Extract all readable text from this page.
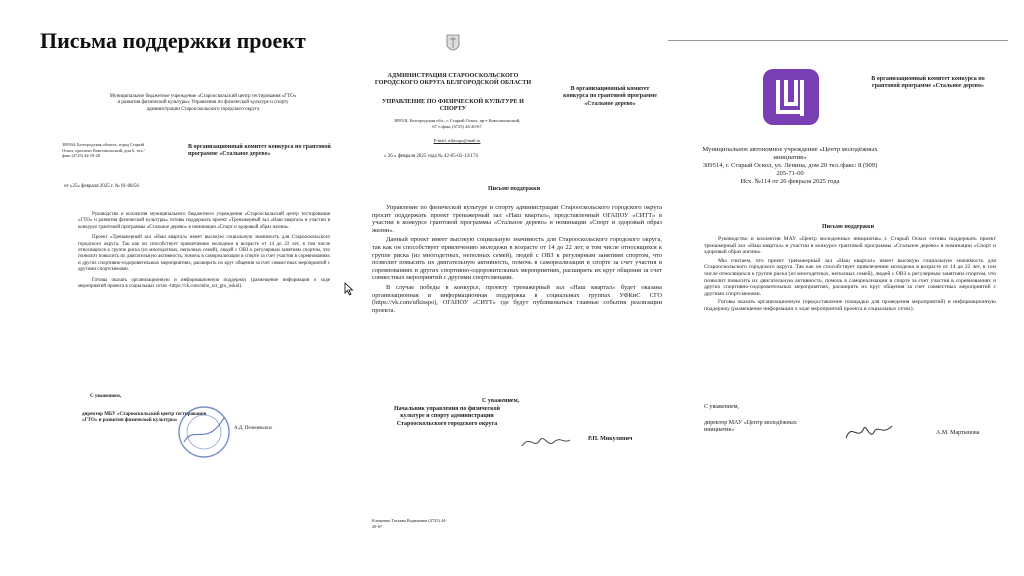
Письма поддержки проект

Муниципальное бюджетное учреждение «Старооскольский центр тестирования «ГТО» и развития физической культуры» Управления по физической культуре и спорту администрации Старооскольского городского округа

309504, Белгородская область, город Старый Оскол, проспект Комсомольский, дом 6, тел./факс (4725) 44-18-28

В организационный комитет конкурса по грантовой программе «Стальное дерево»

от «25» февраля 2025 г. № 01-08/56

Руководство и коллектив муниципального бюджетного учреждения «Старооскольский центр тестирования «ГТО» и развития физической культуры» готовы поддержать проект «Тренажерный зал «Наш квартал» в участии в конкурсе грантовой программы «Стальное дерево» в номинации «Спорт и здоровый образ жизни».

Проект «Тренажерный зал «Наш квартал» имеет высокую социальную значимость для Старооскольского городского округа. Так как он способствует привлечению молодежи в возрасте от 14 до 22 лет, в том числе относящихся к группе риска (из многодетных, неполных семей), людей с ОВЗ к регулярным занятиям спортом, что позволит повысить их двигательную активность, помочь в самореализации в спорте за счет участия в соревнованиях и других спортивно-оздоровительных мероприятиях, расширить их круг общения за счет совместных мероприятий с другими спортсменами.

Готовы оказать организационную и информационную поддержку (размещение информации о ходе мероприятий проекта в социальных сетях -https://vk.com/mbu_sct_gto_oskol).

С уважением,

директор МБУ «Старооскольский центр тестирования «ГТО» и развития физической культуры»

А.Д. Печеневских

АДМИНИСТРАЦИЯ СТАРООСКОЛЬСКОГО ГОРОДСКОГО ОКРУГА БЕЛГОРОДСКОЙ ОБЛАСТИ

УПРАВЛЕНИЕ ПО ФИЗИЧЕСКОЙ КУЛЬТУРЕ И СПОРТУ

309518, Белгородская обл., г. Старый Оскол, пр-т Комсомольский, 67 т./факс (4725) 44-20-67

E-mail: ufkisspo@mail.ru

В организационный комитет конкурса по грантовой программе «Стальное дерево»

« 26 » февраля 2025 года № 42-05-05-13/174

Письмо поддержки

Управление по физической культуре и спорту администрации Старооскольского городского округа просит поддержать проект тренажерный зал «Наш квартал», представленный ОГАПОУ «СИТТ» в участии в конкурсе грантовой программы «Стальное дерево» в номинации «Спорт и здоровый образ жизни».

Данный проект имеет высокую социальную значимость для Старооскольского городского округа, так как он способствует привлечению молодежи в возрасте от 14 до 22 лет, в том числе относящихся к группе риска (из многодетных, неполных семей), людей с ОВЗ к регулярным занятиям спортом, что позволит повысить их двигательную активность, помочь в самореализации в спорте за счет участия в соревнованиях и других спортивно-оздоровительных мероприятиях, расширить их круг общения за счет совместных мероприятий с другими спортсменами.

В случае победы в конкурсе, проекту тренажерный зал «Наш квартал» будет оказана организационная и информационная поддержка в социальных группах УФКиС СГО (https://vk.com/ufkisspo), ОГАПОУ «СИТТ» где будут публиковаться главные события реализации проекта.

С уважением,

Начальник управления по физической культуре и спорту администрации Старооскольского городского округа

Р.П. Микулянич

Клещенко Татьяна Вадимовна (4725) 44-20-67

В организационный комитет конкурса по грантовой программе «Стальное дерево»

Муниципальное автономное учреждение «Центр молодёжных инициатив»

309514, г. Старый Оскол, ул. Ленина, дом 20 тел./факс: 8 (909) 205-71-60

Исх. №114 от 26 февраля 2025 года

Письмо поддержки

Руководство и коллектив МАУ «Центр молодежных инициатив» г. Старый Оскол готовы поддержать проект тренажерный зал «Наш квартал» в участии в конкурсе грантовой программы «Стальное дерево» в номинации «Спорт и здоровый образ жизни».

Мы считаем, что проект тренажерный зал «Наш квартал» имеет высокую социальную значимость для Старооскольского городского округа. Так как он способствует привлечению молодежи в возрасте от 14 до 22 лет, в том числе относящихся к группе риска (из многодетных, неполных семей), людей с ОВЗ к регулярным занятиям спортом, что позволит повысить их двигательную активность, помочь в самореализации в спорте за счет участия в соревнованиях и других спортивно-оздоровительных мероприятиях, расширить их круг общения за счет совместных мероприятий с другими спортсменами.

Готовы оказать организационную (предоставление площадки для проведения мероприятий) и информационную поддержку (размещение информации о ходе мероприятий проекта в социальных сетях).

С уважением,

директор МАУ «Центр молодёжных инициатив»	А.М. Мартынова
